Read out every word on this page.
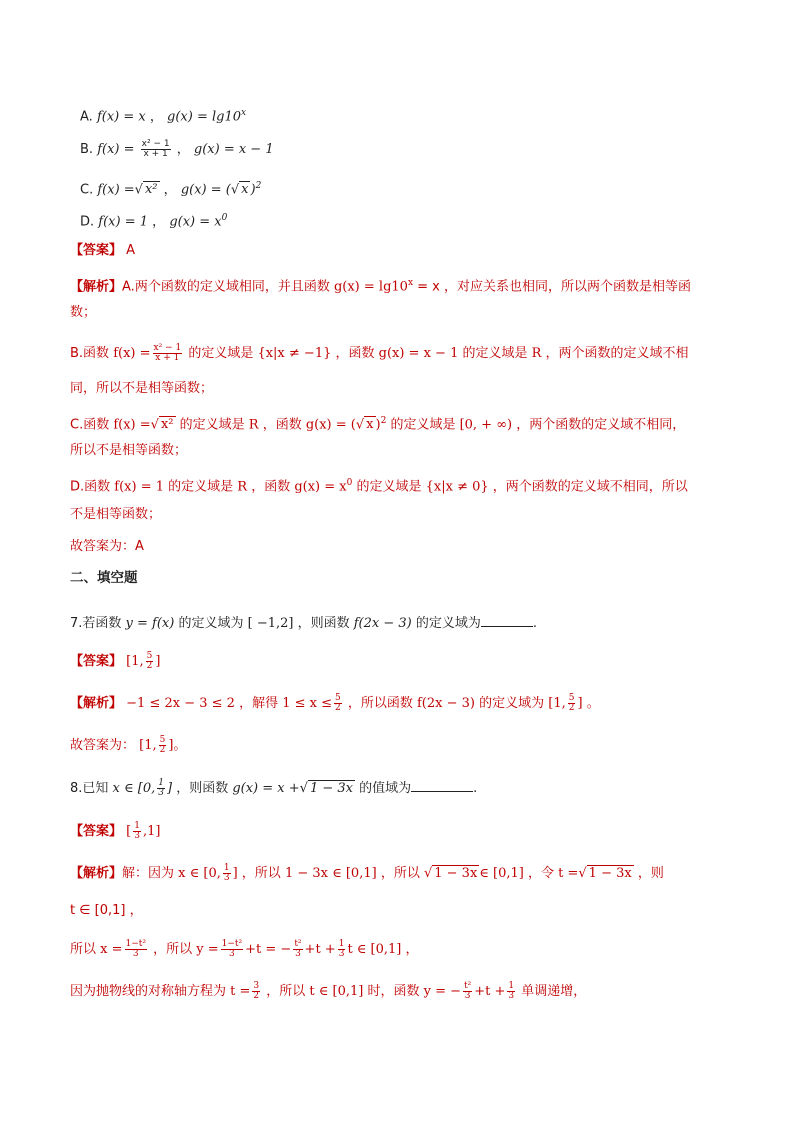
A. f(x) = x ， $g(x) = \lg 10^x$
B. $f(x) = \frac{\text{x² − 1}}{x + 1}$ ， g(x) = x − 1
C. f(x) =√ x² ， g(x) = (√ x )$^2$
D. f(x) = 1 ， $g(x) = x^0$
【答案】 A
【解析】A.两个函数的定义域相同，并且函数 $g(x) = \lg 10^x = x$ ，对应关系也相同，所以两个函数是相等函
数；
B.函数 $f(x) = \frac{\text{x² − 1}}{x + 1}$ 的定义域是 {x|x ≠ −1} ，函数 g(x) = x − 1 的定义域是 R ，两个函数的定义域不相
同，所以不是相等函数；
C.函数 f(x) =√ x² 的定义域是 R ，函数 g(x) = (√ x )$^2$ 的定义域是 [0, + ∞) ，两个函数的定义域不相同，
所以不是相等函数；
D.函数 f(x) = 1 的定义域是 R ，函数 $g(x) = x^0$ 的定义域是 {x|x ≠ 0} ，两个函数的定义域不相同，所以
不是相等函数；
故答案为：A
二、填空题
7.若函数 y = f(x) 的定义域为 [ −1,2] ，则函数 f(2x − 3) 的定义域为	.
【答案】 [1, $\frac{5}{2}$ ]
【解析】 −1 ≤ 2x − 3 ≤ 2 ，解得 $1 \le x \le \frac{5}{2}$ ，所以函数 f(2x − 3) 的定义域为 [1, $\frac{5}{2}$ ] 。
故答案为： [1, $\frac{5}{2}$ ]。
8.已知 x ∈ [0, $\frac{1}{3}$ ] ，则函数 g(x) = x +√ 1 − 3x 的值域为	.
【答案】 [ $\frac{1}{3} ,1$]
【解析】解：因为 x ∈ [0, $\frac{1}{3}$ ] ，所以 1 − 3x ∈ [0,1] ，所以 √ 1 − 3x ∈ [0,1] ，令 t =√ 1 − 3x ，则
t ∈ [0,1] ，
所以 $x = \frac{\text{1−t²}}{3}$ ，所以 $y = \frac{\text{1−t²}}{3} +t$ = − $\frac{\text{t²}}{3} +t + \frac{1}{3}$ t ∈ [0,1] ，
因为抛物线的对称轴方程为 $t = \frac{3}{2}$ ，所以 t ∈ [0,1] 时，函数 y = − $\frac{\text{t²}}{3} +t + \frac{1}{3}$ 单调递增，
